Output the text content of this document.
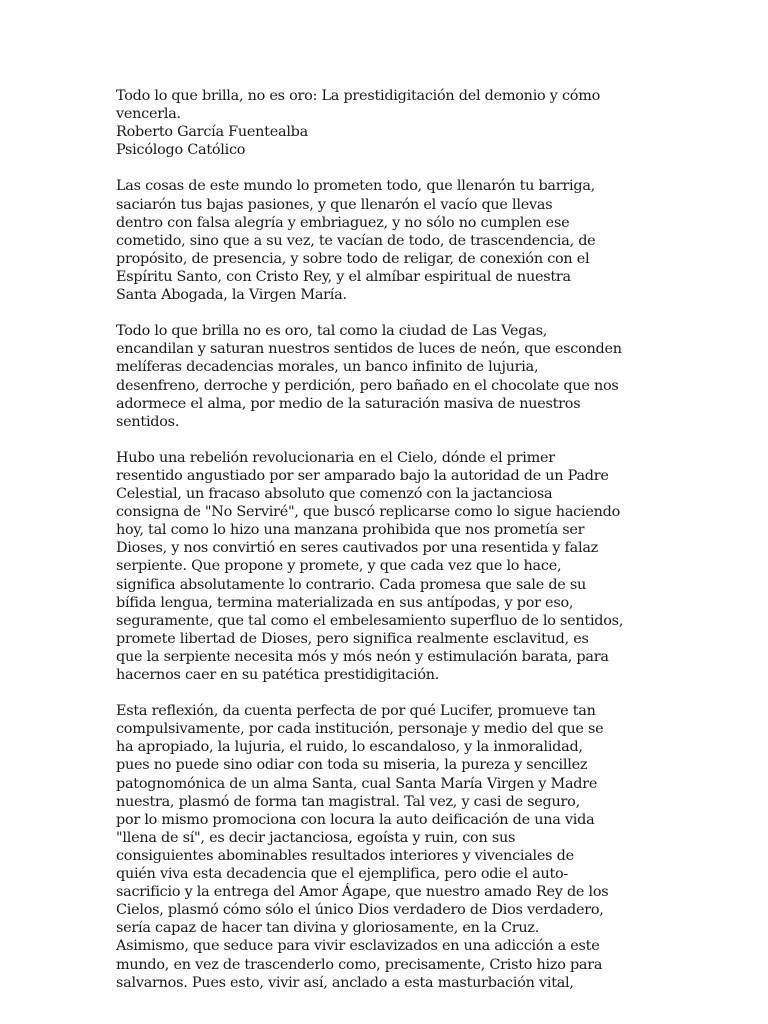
Todo lo que brilla, no es oro: La prestidigitación del demonio y cómo
vencerla.
Roberto García Fuentealba
Psicólogo Católico
Las cosas de este mundo lo prometen todo, que llenarón tu barriga,
saciarón tus bajas pasiones, y que llenarón el vacío que llevas
dentro con falsa alegría y embriaguez, y no sólo no cumplen ese
cometido, sino que a su vez, te vacían de todo, de trascendencia, de
propósito, de presencia, y sobre todo de religar, de conexión con el
Espíritu Santo, con Cristo Rey, y el almíbar espiritual de nuestra
Santa Abogada, la Virgen María.
Todo lo que brilla no es oro, tal como la ciudad de Las Vegas,
encandilan y saturan nuestros sentidos de luces de neón, que esconden
melíferas decadencias morales, un banco infinito de lujuria,
desenfreno, derroche y perdición, pero bañado en el chocolate que nos
adormece el alma, por medio de la saturación masiva de nuestros
sentidos.
Hubo una rebelión revolucionaria en el Cielo, dónde el primer
resentido angustiado por ser amparado bajo la autoridad de un Padre
Celestial, un fracaso absoluto que comenzó con la jactanciosa
consigna de "No Serviré", que buscó replicarse como lo sigue haciendo
hoy, tal como lo hizo una manzana prohibida que nos prometía ser
Dioses, y nos convirtió en seres cautivados por una resentida y falaz
serpiente. Que propone y promete, y que cada vez que lo hace,
significa absolutamente lo contrario. Cada promesa que sale de su
bífida lengua, termina materializada en sus antípodas, y por eso,
seguramente, que tal como el embelesamiento superfluo de lo sentidos,
promete libertad de Dioses, pero significa realmente esclavitud, es
que la serpiente necesita mós y mós neón y estimulación barata, para
hacernos caer en su patética prestidigitación.
Esta reflexión, da cuenta perfecta de por qué Lucifer, promueve tan
compulsivamente, por cada institución, personaje y medio del que se
ha apropiado, la lujuria, el ruido, lo escandaloso, y la inmoralidad,
pues no puede sino odiar con toda su miseria, la pureza y sencillez
patognomónica de un alma Santa, cual Santa María Virgen y Madre
nuestra, plasmó de forma tan magistral. Tal vez, y casi de seguro,
por lo mismo promociona con locura la auto deificación de una vida
"llena de sí", es decir jactanciosa, egoísta y ruin, con sus
consiguientes abominables resultados interiores y vivenciales de
quién viva esta decadencia que el ejemplifica, pero odie el auto-
sacrificio y la entrega del Amor Ágape, que nuestro amado Rey de los
Cielos, plasmó cómo sólo el único Dios verdadero de Dios verdadero,
sería capaz de hacer tan divina y gloriosamente, en la Cruz.
Asimismo, que seduce para vivir esclavizados en una adicción a este
mundo, en vez de trascenderlo como, precisamente, Cristo hizo para
salvarnos. Pues esto, vivir así, anclado a esta masturbación vital,
